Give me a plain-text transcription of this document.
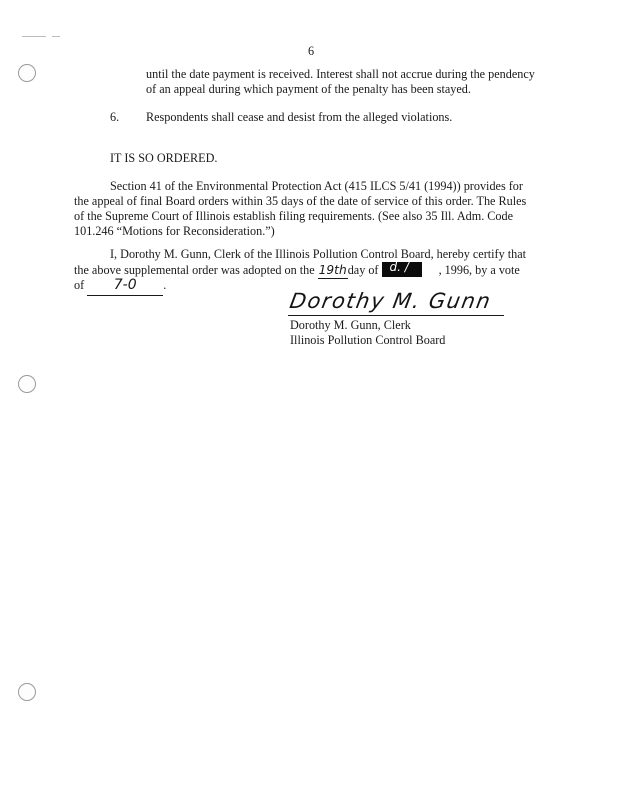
6
until the date payment is received. Interest shall not accrue during the pendency
of an appeal during which payment of the penalty has been stayed.
6. Respondents shall cease and desist from the alleged violations.
IT IS SO ORDERED.
Section 41 of the Environmental Protection Act (415 ILCS 5/41 (1994)) provides for
the appeal of final Board orders within 35 days of the date of service of this order. The Rules
of the Supreme Court of Illinois establish filing requirements. (See also 35 Ill. Adm. Code
101.246 “Motions for Reconsideration.”)
I, Dorothy M. Gunn, Clerk of the Illinois Pollution Control Board, hereby certify that
the above supplemental order was adopted on the 19thday of d. / , 1996, by a vote
of 7-0 .
Dorothy M. Gunn
Dorothy M. Gunn, Clerk
Illinois Pollution Control Board
